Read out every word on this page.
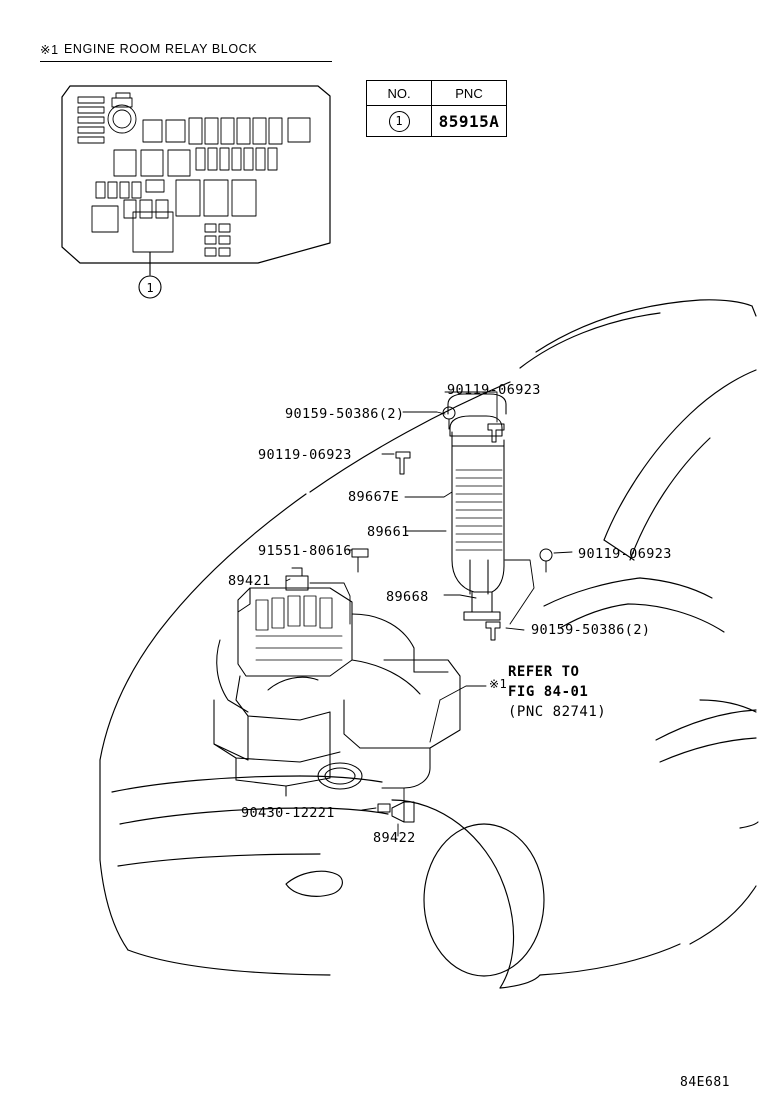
※1 ENGINE ROOM RELAY BLOCK
NO.	PNC
1	85915A
90119-06923
90159-50386(2)
90119-06923
89667E
89661
91551-80616
89421
89668
90119-06923
90159-50386(2)
90430-12221
89422
※1
REFER TO
FIG 84-01
(PNC 82741)
84E681
1
